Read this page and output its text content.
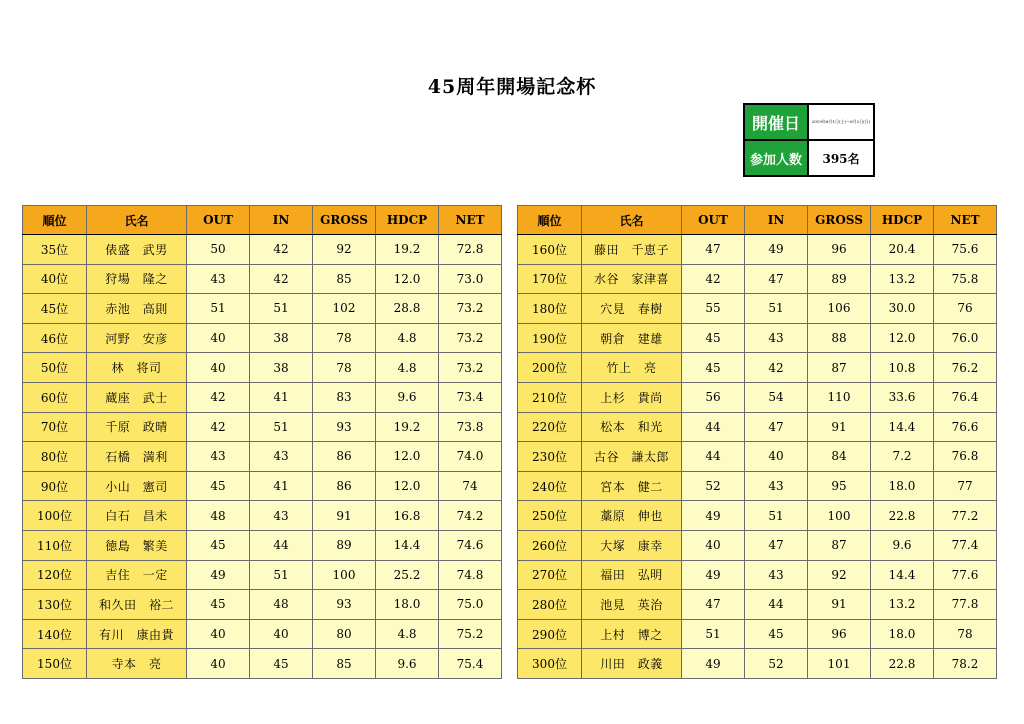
45周年開場記念杯
開催日	2019年6月1日(土)〜6月2日(日)
参加人数	395名
順位	氏名	OUT	IN	GROSS	HDCP	NET
35位	俵盛　武男	50	42	92	19.2	72.8
40位	狩場　隆之	43	42	85	12.0	73.0
45位	赤池　高則	51	51	102	28.8	73.2
46位	河野　安彦	40	38	78	4.8	73.2
50位	林　将司	40	38	78	4.8	73.2
60位	蔵座　武士	42	41	83	9.6	73.4
70位	千原　政晴	42	51	93	19.2	73.8
80位	石橋　満利	43	43	86	12.0	74.0
90位	小山　憲司	45	41	86	12.0	74
100位	白石　昌未	48	43	91	16.8	74.2
110位	徳島　繁美	45	44	89	14.4	74.6
120位	吉住　一定	49	51	100	25.2	74.8
130位	和久田　裕二	45	48	93	18.0	75.0
140位	有川　康由貴	40	40	80	4.8	75.2
150位	寺本　亮	40	45	85	9.6	75.4
順位	氏名	OUT	IN	GROSS	HDCP	NET
160位	藤田　千恵子	47	49	96	20.4	75.6
170位	水谷　家津喜	42	47	89	13.2	75.8
180位	穴見　春樹	55	51	106	30.0	76
190位	朝倉　建雄	45	43	88	12.0	76.0
200位	竹上　亮	45	42	87	10.8	76.2
210位	上杉　貴尚	56	54	110	33.6	76.4
220位	松本　和光	44	47	91	14.4	76.6
230位	古谷　謙太郎	44	40	84	7.2	76.8
240位	宮本　健二	52	43	95	18.0	77
250位	藁原　伸也	49	51	100	22.8	77.2
260位	大塚　康幸	40	47	87	9.6	77.4
270位	福田　弘明	49	43	92	14.4	77.6
280位	池見　英治	47	44	91	13.2	77.8
290位	上村　博之	51	45	96	18.0	78
300位	川田　政義	49	52	101	22.8	78.2
